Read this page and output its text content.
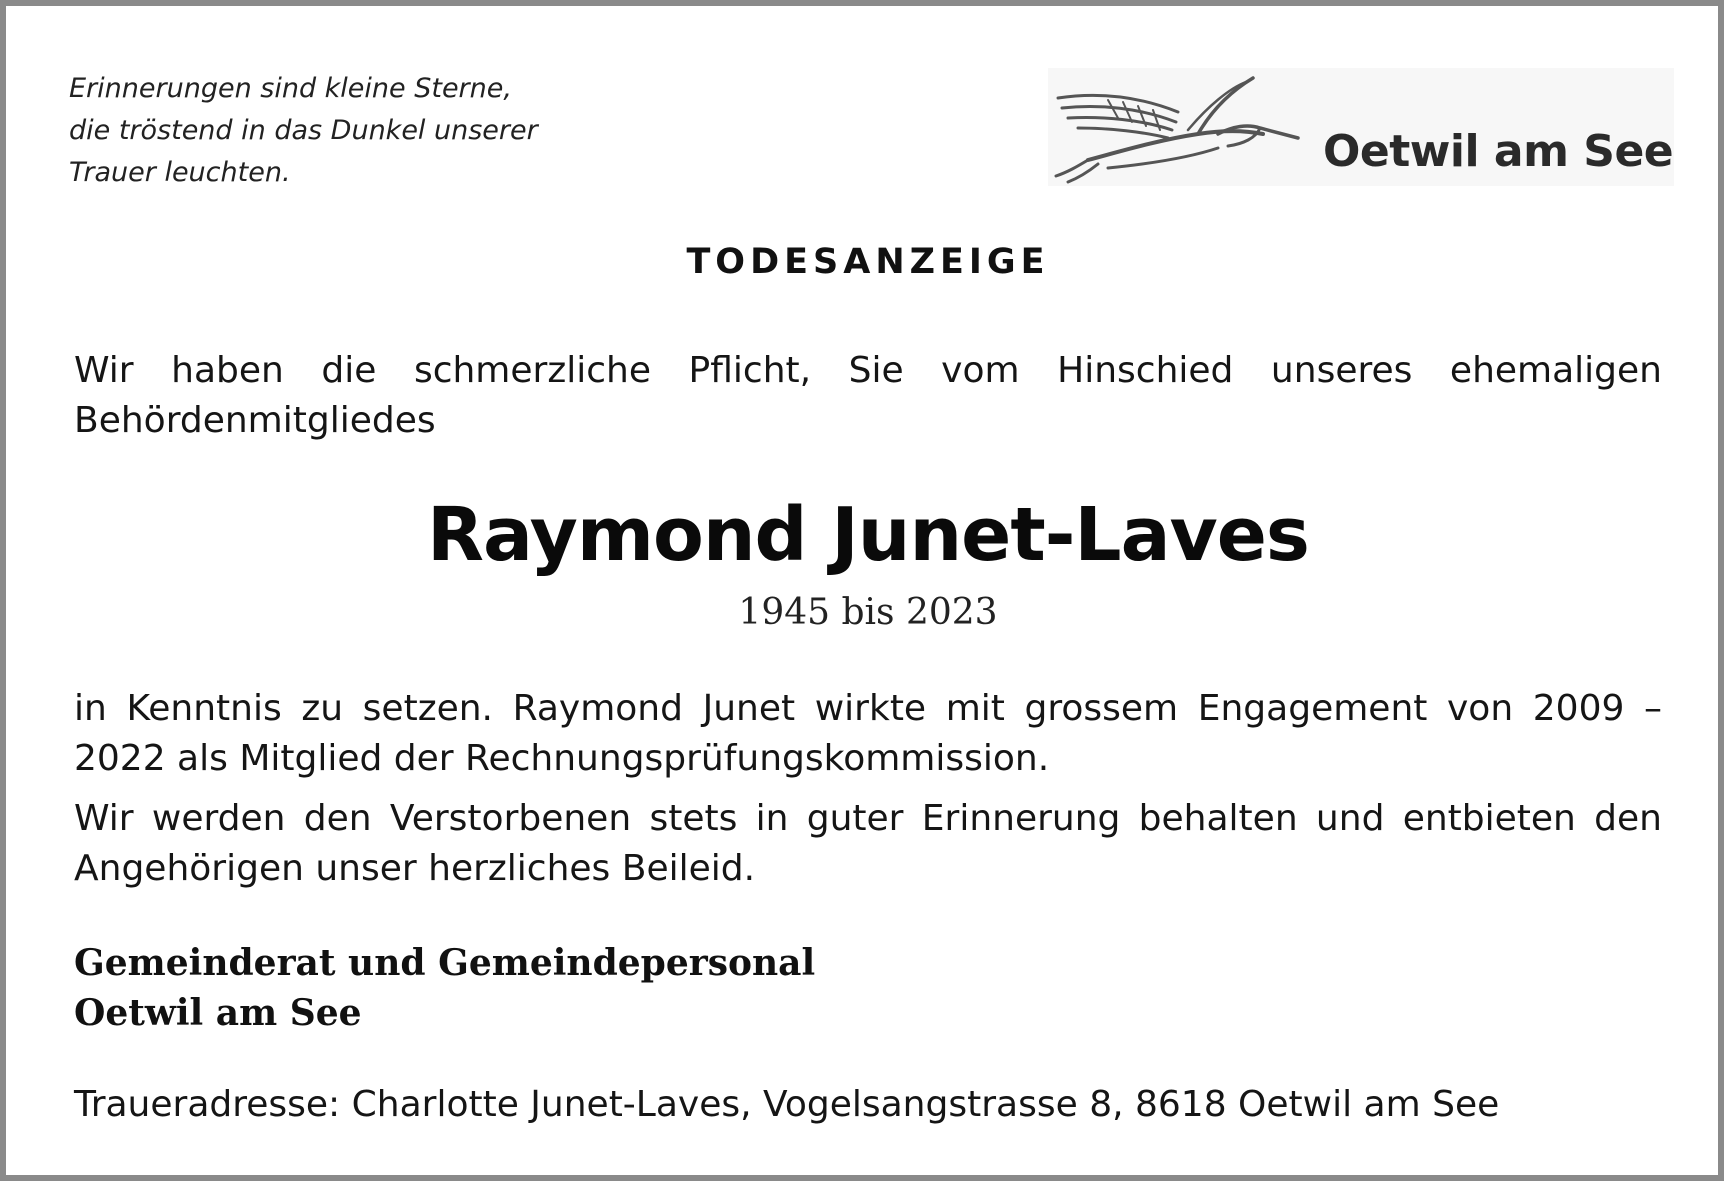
Erinnerungen sind kleine Sterne,
die tröstend in das Dunkel unserer
Trauer leuchten.	Oetwil am See
TODESANZEIGE
Wir haben die schmerzliche Pflicht, Sie vom Hinschied unseres ehemaligen Behördenmitgliedes
Raymond Junet-Laves
1945 bis 2023
in Kenntnis zu setzen. Raymond Junet wirkte mit grossem Engagement von 2009 – 2022 als Mitglied der Rechnungsprüfungskommission.
Wir werden den Verstorbenen stets in guter Erinnerung behalten und entbieten den Angehörigen unser herzliches Beileid.
Gemeinderat und Gemeindepersonal
Oetwil am See
Traueradresse: Charlotte Junet-Laves, Vogelsangstrasse 8, 8618 Oetwil am See
